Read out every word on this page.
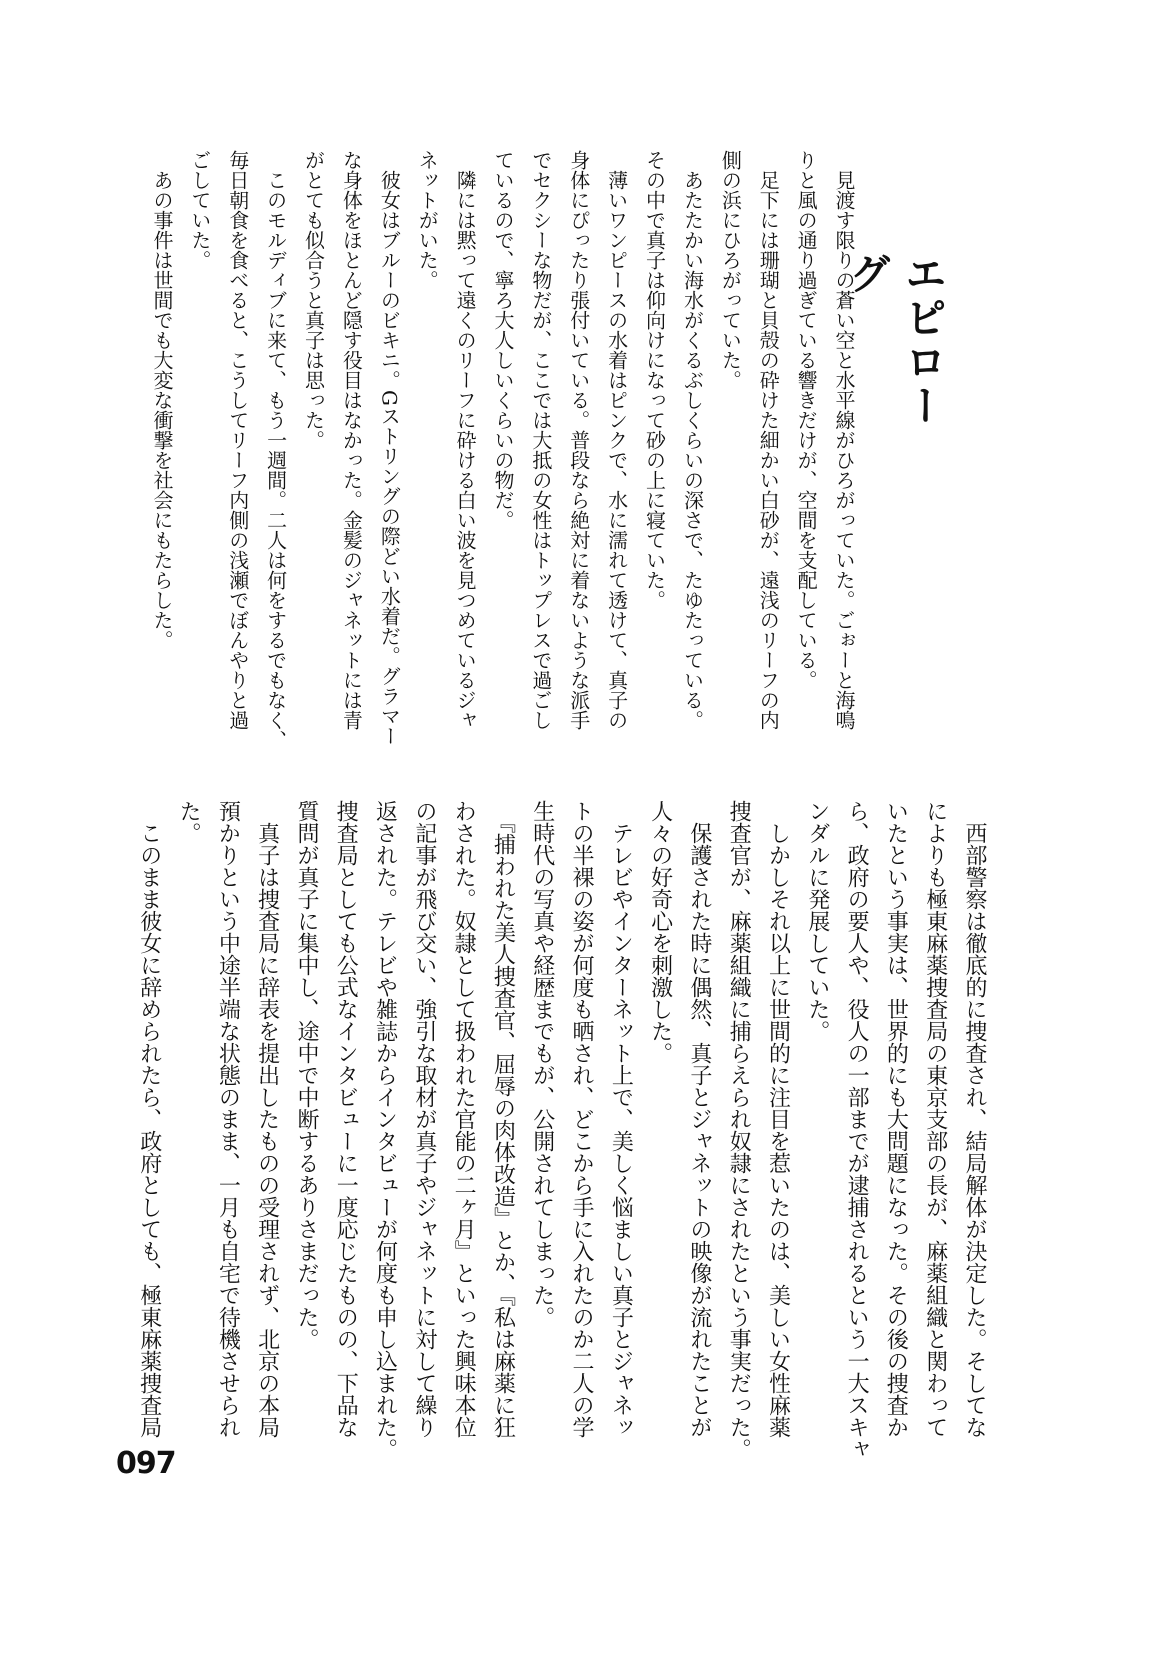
エピローグ
　見渡す限りの蒼い空と水平線がひろがっていた。ごぉーと海鳴
りと風の通り過ぎている響きだけが、空間を支配している。
　足下には珊瑚と貝殻の砕けた細かい白砂が、遠浅のリーフの内
側の浜にひろがっていた。
　あたたかい海水がくるぶしくらいの深さで、たゆたっている。
その中で真子は仰向けになって砂の上に寝ていた。
　薄いワンピースの水着はピンクで、水に濡れて透けて、真子の
身体にぴったり張付いている。普段なら絶対に着ないような派手
でセクシーな物だが、ここでは大抵の女性はトップレスで過ごし
ているので、寧ろ大人しいくらいの物だ。
　隣には黙って遠くのリーフに砕ける白い波を見つめているジャ
ネットがいた。
　彼女はブルーのビキニ。Gストリングの際どい水着だ。グラマー
な身体をほとんど隠す役目はなかった。金髪のジャネットには青
がとても似合うと真子は思った。
　このモルディブに来て、もう一週間。二人は何をするでもなく、
毎日朝食を食べると、こうしてリーフ内側の浅瀬でぼんやりと過
ごしていた。
　あの事件は世間でも大変な衝撃を社会にもたらした。
　西部警察は徹底的に捜査され、結局解体が決定した。そしてな
によりも極東麻薬捜査局の東京支部の長が、麻薬組織と関わって
いたという事実は、世界的にも大問題になった。その後の捜査か
ら、政府の要人や、役人の一部までが逮捕されるという一大スキャ
ンダルに発展していた。
　しかしそれ以上に世間的に注目を惹いたのは、美しい女性麻薬
捜査官が、麻薬組織に捕らえられ奴隷にされたという事実だった。
　保護された時に偶然、真子とジャネットの映像が流れたことが
人々の好奇心を刺激した。
　テレビやインターネット上で、美しく悩ましい真子とジャネッ
トの半裸の姿が何度も晒され、どこから手に入れたのか二人の学
生時代の写真や経歴までもが、公開されてしまった。
　『捕われた美人捜査官、屈辱の肉体改造』とか、『私は麻薬に狂
わされた。奴隷として扱われた官能の二ヶ月』といった興味本位
の記事が飛び交い、強引な取材が真子やジャネットに対して繰り
返された。テレビや雑誌からインタビューが何度も申し込まれた。
捜査局としても公式なインタビューに一度応じたものの、下品な
質問が真子に集中し、途中で中断するありさまだった。
　真子は捜査局に辞表を提出したものの受理されず、北京の本局
預かりという中途半端な状態のまま、一月も自宅で待機させられ
た。
　このまま彼女に辞められたら、政府としても、極東麻薬捜査局
097
